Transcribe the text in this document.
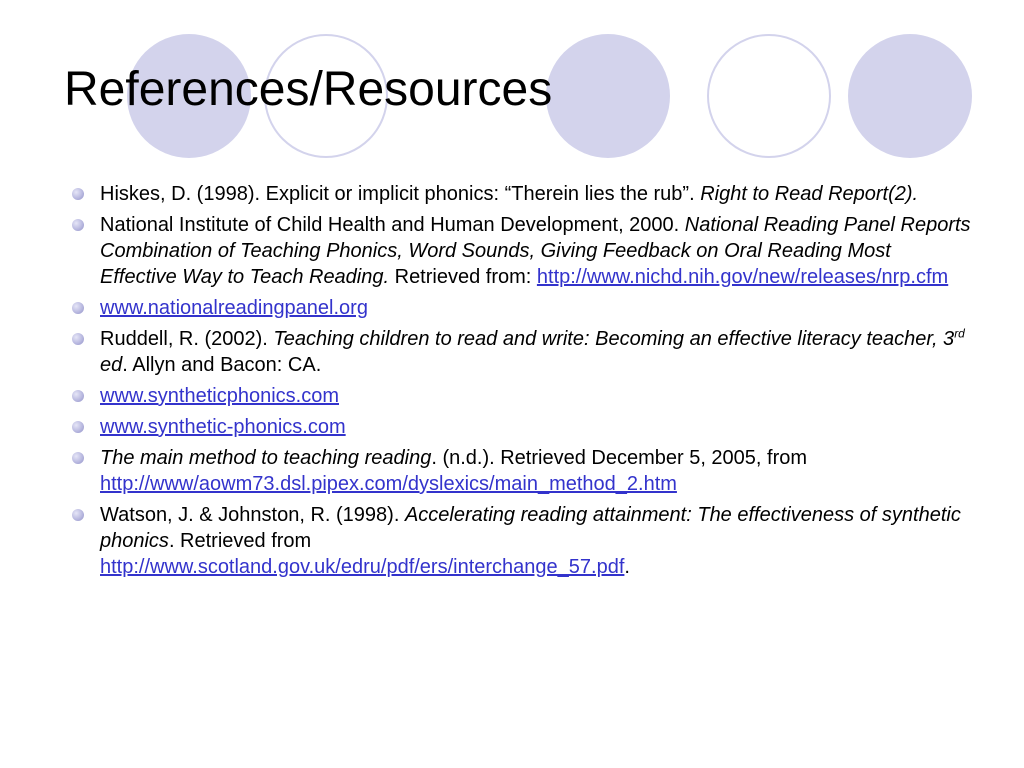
References/Resources
Hiskes, D. (1998). Explicit or implicit phonics: “Therein lies the rub”. Right to Read Report(2).
National Institute of Child Health and Human Development, 2000. National Reading Panel Reports Combination of Teaching Phonics, Word Sounds, Giving Feedback on Oral Reading Most Effective Way to Teach Reading. Retrieved from: http://www.nichd.nih.gov/new/releases/nrp.cfm
www.nationalreadingpanel.org
Ruddell, R. (2002). Teaching children to read and write: Becoming an effective literacy teacher, 3rd ed. Allyn and Bacon: CA.
www.syntheticphonics.com
www.synthetic-phonics.com
The main method to teaching reading. (n.d.). Retrieved December 5, 2005, from http://www/aowm73.dsl.pipex.com/dyslexics/main_method_2.htm
Watson, J. & Johnston, R. (1998). Accelerating reading attainment: The effectiveness of synthetic phonics. Retrieved from
http://www.scotland.gov.uk/edru/pdf/ers/interchange_57.pdf.
